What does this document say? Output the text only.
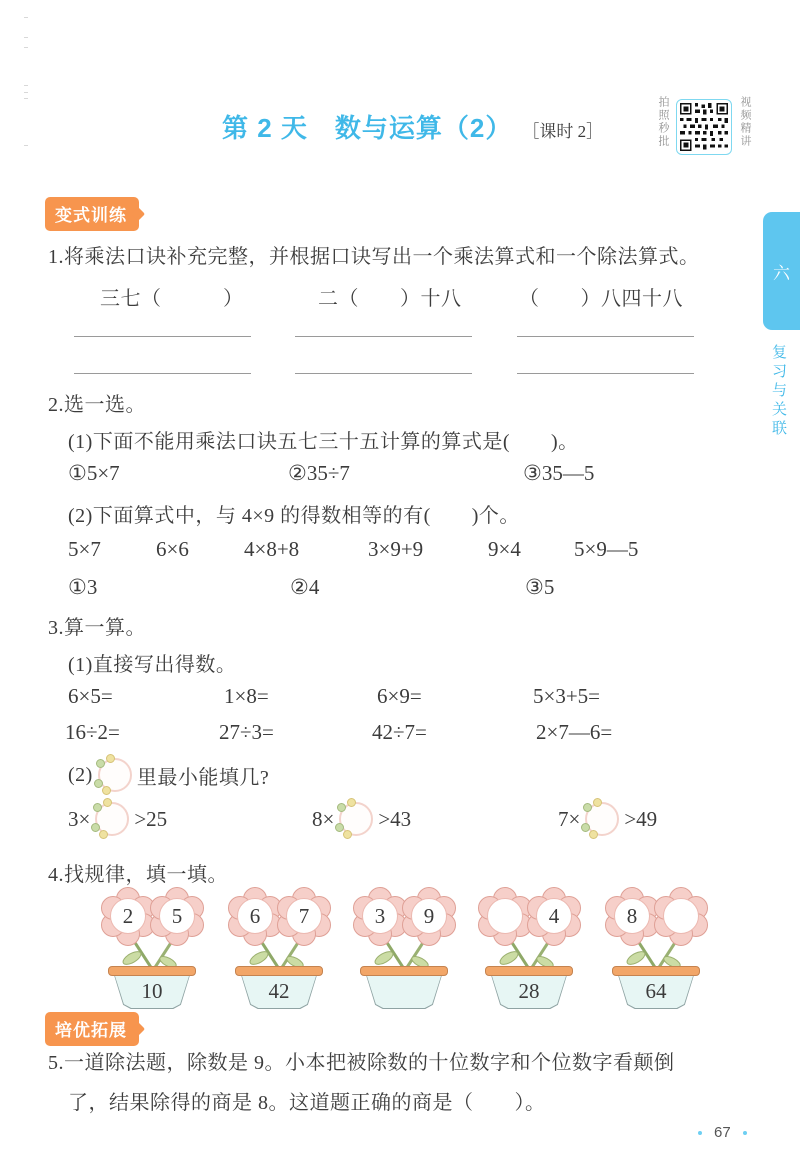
第 2 天　数与运算（2） ［课时 2］	拍照秒批	视频精讲
六
复习与关联
变式训练
1.将乘法口诀补充完整，并根据口诀写出一个乘法算式和一个除法算式。
三七（　　　）	二（　　）十八	（　　）八四十八
2.选一选。
(1)下面不能用乘法口诀五七三十五计算的算式是(　　)。
①5×7	②35÷7	③35—5
(2)下面算式中，与 4×9 的得数相等的有(　　)个。
5×7	6×6	4×8+8	3×9+9	9×4	5×9—5
①3	②4	③5
3.算一算。
(1)直接写出得数。
6×5=	1×8=	6×9=	5×3+5=
16÷2=	27÷3=	42÷7=	2×7—6=
(2) 里最小能填几?
3× >25	8× >43	7× >49
4.找规律，填一填。
2	5
10
6	7
42
3	9	4
28
8
64
培优拓展
5.一道除法题，除数是 9。小本把被除数的十位数字和个位数字看颠倒
了，结果除得的商是 8。这道题正确的商是（　　）。
67
